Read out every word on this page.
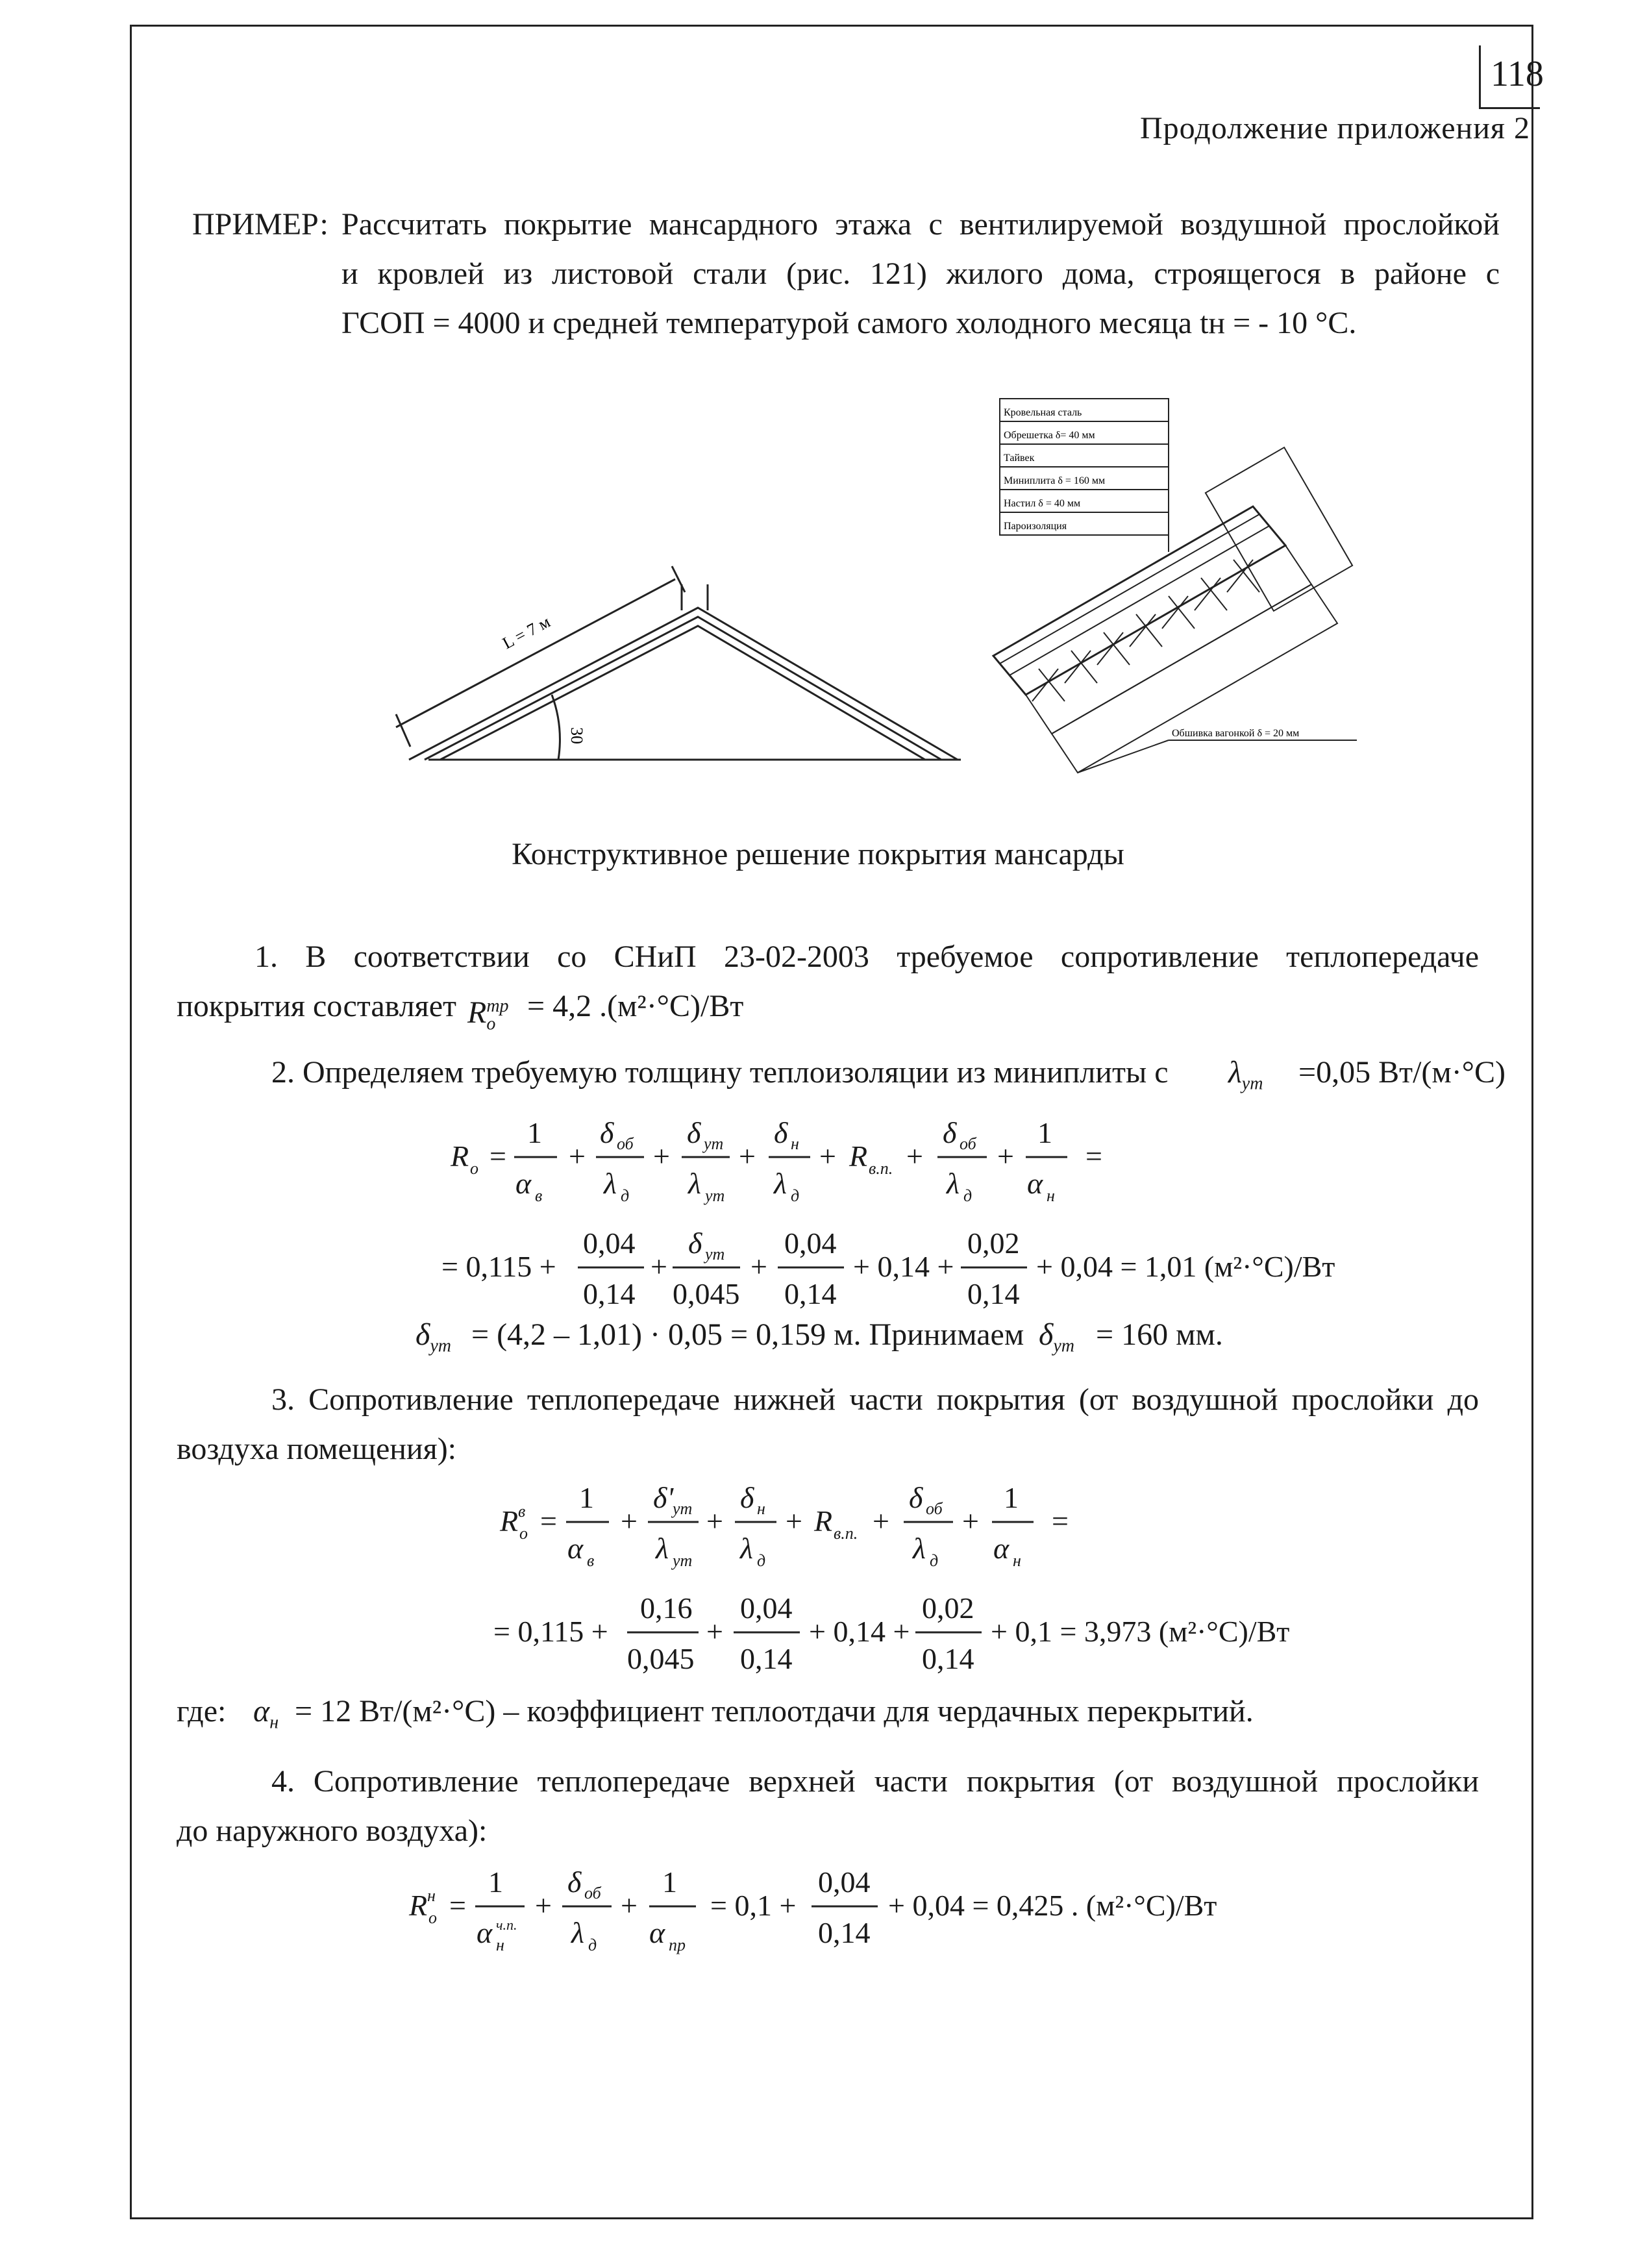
118
Продолжение приложения 2
ПРИМЕР: Рассчитать покрытие мансардного этажа с вентилируемой воздушной прослойкой
и кровлей из листовой стали (рис. 121) жилого дома, строящегося в районе с
ГСОП = 4000 и средней температурой самого холодного месяца tн = - 10 °С.
L = 7 м
30
Кровельная сталь
Обрешетка δ= 40 мм
Тайвек
Миниплита δ = 160 мм
Настил δ = 40 мм
Пароизоляция
Обшивка вагонкой δ = 20 мм
Конструктивное решение покрытия мансарды
1. В соответствии со СНиП 23-02-2003 требуемое сопротивление теплопередаче
покрытия составляет $R_o^{тр} = 4,2$ .(м²·°С)/Вт
2. Определяем требуемую толщину теплоизоляции из миниплиты с $\lambda_{ут} =0,05$ Вт/(м·°С)
R o =
1
α в
+
δ об
λ д
+
δ ут
λ ут
+
δ н
λ д
+ R в.п. +
δ об
λ д
+
1
α н
=
= 0,115 +
0,04
0,14
+
δ ут
0,045
+
0,04
0,14
+ 0,14 +
0,02
0,14
+ 0,04 = 1,01 (м²·°С)/Вт
$\delta_{ут} = (4,2 - 1,01) \cdot 0,05 = 0,159$ м. Принимаем $\delta_{ут} = 160$ мм.
3. Сопротивление теплопередаче нижней части покрытия (от воздушной прослойки до
воздуха помещения):
R o
в =
1
α в
+
δ'
ут
λ ут
+
δ н
λ д
+ R в.п. +
δ об
λ д
+
1
α н
=
= 0,115 +
0,16
0,045
+
0,04
0,14
+ 0,14 +
0,02
0,14
+ 0,1 = 3,973 (м²·°С)/Вт
где: $\alpha_н = 12$ Вт/(м²·°С) – коэффициент теплоотдачи для чердачных перекрытий.
4. Сопротивление теплопередаче верхней части покрытия (от воздушной прослойки
до наружного воздуха):
R o
н =
1
α н
ч.п.
+
δ об
λ д
+
1
α пр
= 0,1 +
0,04
0,14
+ 0,04 = 0,425 . (м²·°С)/Вт
